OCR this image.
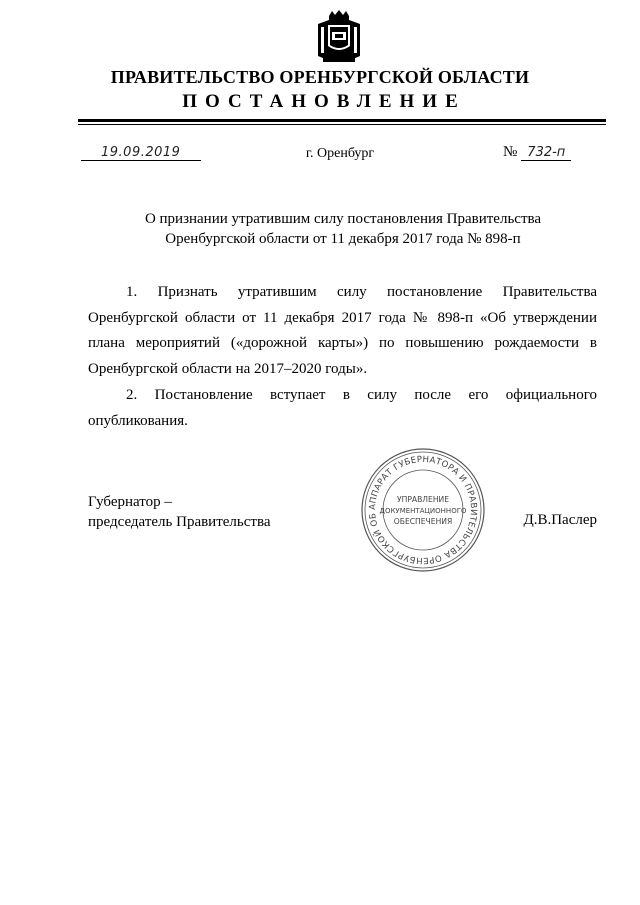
ПРАВИТЕЛЬСТВО ОРЕНБУРГСКОЙ ОБЛАСТИ
ПОСТАНОВЛЕНИЕ
19.09.2019	г. Оренбург	№ 732-п
О признании утратившим силу постановления Правительства
Оренбургской области от 11 декабря 2017 года № 898-п
1. Признать утратившим силу постановление Правительства Оренбургской области от 11 декабря 2017 года № 898-п «Об утверждении плана мероприятий («дорожной карты») по повышению рождаемости в Оренбургской области на 2017–2020 годы».
2. Постановление вступает в силу после его официального опубликования.
Губернатор –
председатель Правительства
АППАРАТ ГУБЕРНАТОРА И ПРАВИТЕЛЬСТВА ОРЕНБУРГСКОЙ ОБ
УПРАВЛЕНИЕ
ДОКУМЕНТАЦИОННОГО
ОБЕСПЕЧЕНИЯ	Д.В.Паслер
